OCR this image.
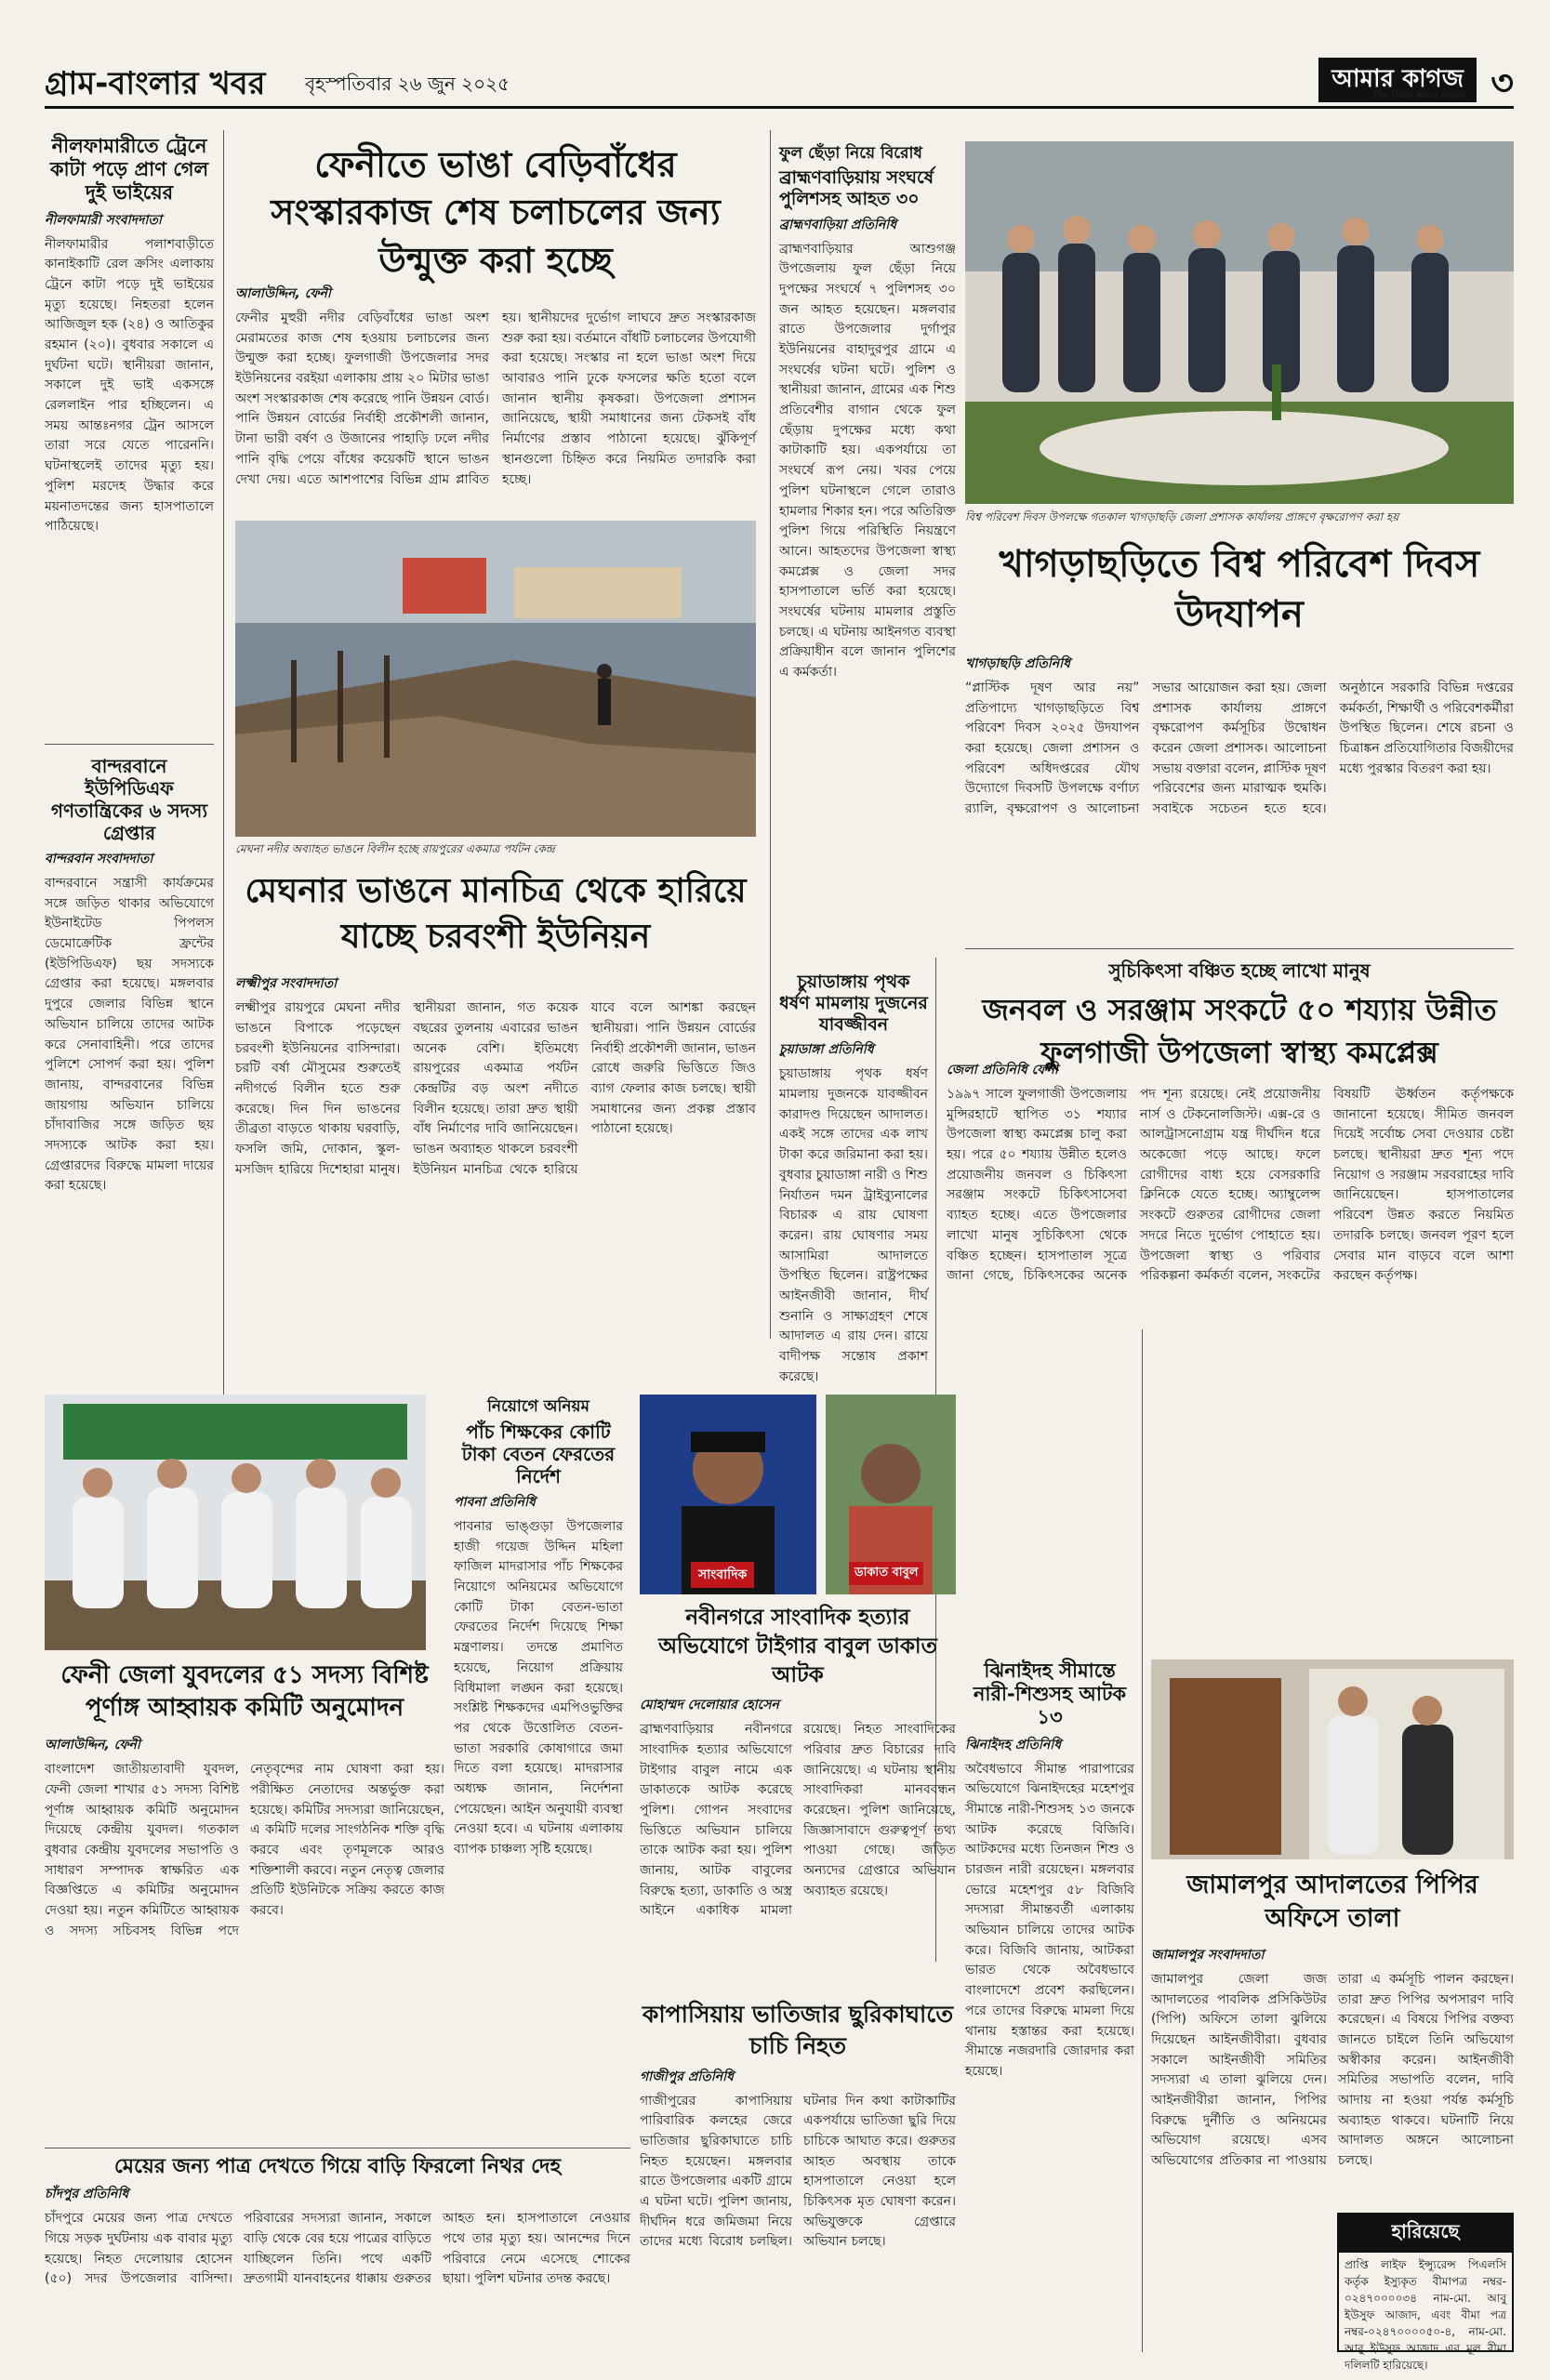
গ্রাম-বাংলার খবর বৃহস্পতিবার ২৬ জুন ২০২৫	আমার কাগজ
The Daily Amar Kagoj ৩
নীলফামারীতে ট্রেনে কাটা পড়ে প্রাণ গেল দুই ভাইয়ের
নীলফামারী সংবাদদাতা
নীলফামারীর পলাশবাড়ীতে কানাইকাটি রেল ক্রসিং এলাকায় ট্রেনে কাটা পড়ে দুই ভাইয়ের মৃত্যু হয়েছে। নিহতরা হলেন আজিজুল হক (২৪) ও আতিকুর রহমান (২০)। বুধবার সকালে এ দুর্ঘটনা ঘটে। স্থানীয়রা জানান, সকালে দুই ভাই একসঙ্গে রেললাইন পার হচ্ছিলেন। এ সময় আন্তঃনগর ট্রেন আসলে তারা সরে যেতে পারেননি। ঘটনাস্থলেই তাদের মৃত্যু হয়। পুলিশ মরদেহ উদ্ধার করে ময়নাতদন্তের জন্য হাসপাতালে পাঠিয়েছে।
বান্দরবানে ইউপিডিএফ গণতান্ত্রিকের ৬ সদস্য গ্রেপ্তার
বান্দরবান সংবাদদাতা
বান্দরবানে সন্ত্রাসী কার্যক্রমের সঙ্গে জড়িত থাকার অভিযোগে ইউনাইটেড পিপলস ডেমোক্রেটিক ফ্রন্টের (ইউপিডিএফ) ছয় সদস্যকে গ্রেপ্তার করা হয়েছে। মঙ্গলবার দুপুরে জেলার বিভিন্ন স্থানে অভিযান চালিয়ে তাদের আটক করে সেনাবাহিনী। পরে তাদের পুলিশে সোপর্দ করা হয়। পুলিশ জানায়, বান্দরবানের বিভিন্ন জায়গায় অভিযান চালিয়ে চাঁদাবাজির সঙ্গে জড়িত ছয় সদস্যকে আটক করা হয়। গ্রেপ্তারদের বিরুদ্ধে মামলা দায়ের করা হয়েছে।
ফেনীতে ভাঙা বেড়িবাঁধের সংস্কারকাজ শেষ চলাচলের জন্য উন্মুক্ত করা হচ্ছে
আলাউদ্দিন, ফেনী
ফেনীর মুহুরী নদীর বেড়িবাঁধের ভাঙা অংশ মেরামতের কাজ শেষ হওয়ায় চলাচলের জন্য উন্মুক্ত করা হচ্ছে। ফুলগাজী উপজেলার সদর ইউনিয়নের বরইয়া এলাকায় প্রায় ২০ মিটার ভাঙা অংশ সংস্কারকাজ শেষ করেছে পানি উন্নয়ন বোর্ড। পানি উন্নয়ন বোর্ডের নির্বাহী প্রকৌশলী জানান, টানা ভারী বর্ষণ ও উজানের পাহাড়ি ঢলে নদীর পানি বৃদ্ধি পেয়ে বাঁধের কয়েকটি স্থানে ভাঙন দেখা দেয়। এতে আশপাশের বিভিন্ন গ্রাম প্লাবিত হয়। স্থানীয়দের দুর্ভোগ লাঘবে দ্রুত সংস্কারকাজ শুরু করা হয়। বর্তমানে বাঁধটি চলাচলের উপযোগী করা হয়েছে। সংস্কার না হলে ভাঙা অংশ দিয়ে আবারও পানি ঢুকে ফসলের ক্ষতি হতো বলে জানান স্থানীয় কৃষকরা। উপজেলা প্রশাসন জানিয়েছে, স্থায়ী সমাধানের জন্য টেকসই বাঁধ নির্মাণের প্রস্তাব পাঠানো হয়েছে। ঝুঁকিপূর্ণ স্থানগুলো চিহ্নিত করে নিয়মিত তদারকি করা হচ্ছে।
মেঘনা নদীর অব্যাহত ভাঙনে বিলীন হচ্ছে রায়পুরের একমাত্র পর্যটন কেন্দ্র
মেঘনার ভাঙনে মানচিত্র থেকে হারিয়ে যাচ্ছে চরবংশী ইউনিয়ন
লক্ষ্মীপুর সংবাদদাতা
লক্ষ্মীপুর রায়পুরে মেঘনা নদীর ভাঙনে বিপাকে পড়েছেন চরবংশী ইউনিয়নের বাসিন্দারা। চরটি বর্ষা মৌসুমের শুরুতেই নদীগর্ভে বিলীন হতে শুরু করেছে। দিন দিন ভাঙনের তীব্রতা বাড়তে থাকায় ঘরবাড়ি, ফসলি জমি, দোকান, স্কুল-মসজিদ হারিয়ে দিশেহারা মানুষ। স্থানীয়রা জানান, গত কয়েক বছরের তুলনায় এবারের ভাঙন অনেক বেশি। ইতিমধ্যে রায়পুরের একমাত্র পর্যটন কেন্দ্রটির বড় অংশ নদীতে বিলীন হয়েছে। তারা দ্রুত স্থায়ী বাঁধ নির্মাণের দাবি জানিয়েছেন। ভাঙন অব্যাহত থাকলে চরবংশী ইউনিয়ন মানচিত্র থেকে হারিয়ে যাবে বলে আশঙ্কা করছেন স্থানীয়রা। পানি উন্নয়ন বোর্ডের নির্বাহী প্রকৌশলী জানান, ভাঙন রোধে জরুরি ভিত্তিতে জিও ব্যাগ ফেলার কাজ চলছে। স্থায়ী সমাধানের জন্য প্রকল্প প্রস্তাব পাঠানো হয়েছে।
ফুল ছেঁড়া নিয়ে বিরোধ
ব্রাহ্মণবাড়িয়ায় সংঘর্ষে পুলিশসহ আহত ৩০
ব্রাহ্মণবাড়িয়া প্রতিনিধি
ব্রাহ্মণবাড়িয়ার আশুগঞ্জ উপজেলায় ফুল ছেঁড়া নিয়ে দুপক্ষের সংঘর্ষে ৭ পুলিশসহ ৩০ জন আহত হয়েছেন। মঙ্গলবার রাতে উপজেলার দুর্গাপুর ইউনিয়নের বাহাদুরপুর গ্রামে এ সংঘর্ষের ঘটনা ঘটে। পুলিশ ও স্থানীয়রা জানান, গ্রামের এক শিশু প্রতিবেশীর বাগান থেকে ফুল ছেঁড়ায় দুপক্ষের মধ্যে কথা কাটাকাটি হয়। একপর্যায়ে তা সংঘর্ষে রূপ নেয়। খবর পেয়ে পুলিশ ঘটনাস্থলে গেলে তারাও হামলার শিকার হন। পরে অতিরিক্ত পুলিশ গিয়ে পরিস্থিতি নিয়ন্ত্রণে আনে। আহতদের উপজেলা স্বাস্থ্য কমপ্লেক্স ও জেলা সদর হাসপাতালে ভর্তি করা হয়েছে। সংঘর্ষের ঘটনায় মামলার প্রস্তুতি চলছে। এ ঘটনায় আইনগত ব্যবস্থা প্রক্রিয়াধীন বলে জানান পুলিশের এ কর্মকর্তা।
বিশ্ব পরিবেশ দিবস উপলক্ষে গতকাল খাগড়াছড়ি জেলা প্রশাসক কার্যালয় প্রাঙ্গণে বৃক্ষরোপণ করা হয়
খাগড়াছড়িতে বিশ্ব পরিবেশ দিবস উদযাপন
খাগড়াছড়ি প্রতিনিধি
“প্লাস্টিক দূষণ আর নয়” প্রতিপাদ্যে খাগড়াছড়িতে বিশ্ব পরিবেশ দিবস ২০২৫ উদযাপন করা হয়েছে। জেলা প্রশাসন ও পরিবেশ অধিদপ্তরের যৌথ উদ্যোগে দিবসটি উপলক্ষে বর্ণাঢ্য র‍্যালি, বৃক্ষরোপণ ও আলোচনা সভার আয়োজন করা হয়। জেলা প্রশাসক কার্যালয় প্রাঙ্গণে বৃক্ষরোপণ কর্মসূচির উদ্বোধন করেন জেলা প্রশাসক। আলোচনা সভায় বক্তারা বলেন, প্লাস্টিক দূষণ পরিবেশের জন্য মারাত্মক হুমকি। সবাইকে সচেতন হতে হবে। অনুষ্ঠানে সরকারি বিভিন্ন দপ্তরের কর্মকর্তা, শিক্ষার্থী ও পরিবেশকর্মীরা উপস্থিত ছিলেন। শেষে রচনা ও চিত্রাঙ্কন প্রতিযোগিতার বিজয়ীদের মধ্যে পুরস্কার বিতরণ করা হয়।
সুচিকিৎসা বঞ্চিত হচ্ছে লাখো মানুষ
জনবল ও সরঞ্জাম সংকটে ৫০ শয্যায় উন্নীত ফুলগাজী উপজেলা স্বাস্থ্য কমপ্লেক্স
জেলা প্রতিনিধি ফেনী
১৯৯৭ সালে ফুলগাজী উপজেলায় মুন্সিরহাটে স্থাপিত ৩১ শয্যার উপজেলা স্বাস্থ্য কমপ্লেক্স চালু করা হয়। পরে ৫০ শয্যায় উন্নীত হলেও প্রয়োজনীয় জনবল ও চিকিৎসা সরঞ্জাম সংকটে চিকিৎসাসেবা ব্যাহত হচ্ছে। এতে উপজেলার লাখো মানুষ সুচিকিৎসা থেকে বঞ্চিত হচ্ছেন। হাসপাতাল সূত্রে জানা গেছে, চিকিৎসকের অনেক পদ শূন্য রয়েছে। নেই প্রয়োজনীয় নার্স ও টেকনোলজিস্ট। এক্স-রে ও আলট্রাসনোগ্রাম যন্ত্র দীর্ঘদিন ধরে অকেজো পড়ে আছে। ফলে রোগীদের বাধ্য হয়ে বেসরকারি ক্লিনিকে যেতে হচ্ছে। অ্যাম্বুলেন্স সংকটে গুরুতর রোগীদের জেলা সদরে নিতে দুর্ভোগ পোহাতে হয়। উপজেলা স্বাস্থ্য ও পরিবার পরিকল্পনা কর্মকর্তা বলেন, সংকটের বিষয়টি ঊর্ধ্বতন কর্তৃপক্ষকে জানানো হয়েছে। সীমিত জনবল দিয়েই সর্বোচ্চ সেবা দেওয়ার চেষ্টা চলছে। স্থানীয়রা দ্রুত শূন্য পদে নিয়োগ ও সরঞ্জাম সরবরাহের দাবি জানিয়েছেন। হাসপাতালের পরিবেশ উন্নত করতে নিয়মিত তদারকি চলছে। জনবল পূরণ হলে সেবার মান বাড়বে বলে আশা করছেন কর্তৃপক্ষ।
চুয়াডাঙ্গায় পৃথক ধর্ষণ মামলায় দুজনের যাবজ্জীবন
চুয়াডাঙ্গা প্রতিনিধি
চুয়াডাঙ্গায় পৃথক ধর্ষণ মামলায় দুজনকে যাবজ্জীবন কারাদণ্ড দিয়েছেন আদালত। একই সঙ্গে তাদের এক লাখ টাকা করে জরিমানা করা হয়। বুধবার চুয়াডাঙ্গা নারী ও শিশু নির্যাতন দমন ট্রাইব্যুনালের বিচারক এ রায় ঘোষণা করেন। রায় ঘোষণার সময় আসামিরা আদালতে উপস্থিত ছিলেন। রাষ্ট্রপক্ষের আইনজীবী জানান, দীর্ঘ শুনানি ও সাক্ষ্যগ্রহণ শেষে আদালত এ রায় দেন। রায়ে বাদীপক্ষ সন্তোষ প্রকাশ করেছে।
ফেনী জেলা যুবদলের ৫১ সদস্য বিশিষ্ট পূর্ণাঙ্গ আহ্বায়ক কমিটি অনুমোদন
আলাউদ্দিন, ফেনী
বাংলাদেশ জাতীয়তাবাদী যুবদল, ফেনী জেলা শাখার ৫১ সদস্য বিশিষ্ট পূর্ণাঙ্গ আহ্বায়ক কমিটি অনুমোদন দিয়েছে কেন্দ্রীয় যুবদল। গতকাল বুধবার কেন্দ্রীয় যুবদলের সভাপতি ও সাধারণ সম্পাদক স্বাক্ষরিত এক বিজ্ঞপ্তিতে এ কমিটির অনুমোদন দেওয়া হয়। নতুন কমিটিতে আহ্বায়ক ও সদস্য সচিবসহ বিভিন্ন পদে নেতৃবৃন্দের নাম ঘোষণা করা হয়। পরীক্ষিত নেতাদের অন্তর্ভুক্ত করা হয়েছে। কমিটির সদস্যরা জানিয়েছেন, এ কমিটি দলের সাংগঠনিক শক্তি বৃদ্ধি করবে এবং তৃণমূলকে আরও শক্তিশালী করবে। নতুন নেতৃত্ব জেলার প্রতিটি ইউনিটকে সক্রিয় করতে কাজ করবে।
নিয়োগে অনিয়ম
পাঁচ শিক্ষকের কোটি টাকা বেতন ফেরতের নির্দেশ
পাবনা প্রতিনিধি
পাবনার ভাঙ্গুড়া উপজেলার হাজী গয়েজ উদ্দিন মহিলা ফাজিল মাদরাসার পাঁচ শিক্ষকের নিয়োগে অনিয়মের অভিযোগে কোটি টাকা বেতন-ভাতা ফেরতের নির্দেশ দিয়েছে শিক্ষা মন্ত্রণালয়। তদন্তে প্রমাণিত হয়েছে, নিয়োগ প্রক্রিয়ায় বিধিমালা লঙ্ঘন করা হয়েছে। সংশ্লিষ্ট শিক্ষকদের এমপিওভুক্তির পর থেকে উত্তোলিত বেতন-ভাতা সরকারি কোষাগারে জমা দিতে বলা হয়েছে। মাদরাসার অধ্যক্ষ জানান, নির্দেশনা পেয়েছেন। আইন অনুযায়ী ব্যবস্থা নেওয়া হবে। এ ঘটনায় এলাকায় ব্যাপক চাঞ্চল্য সৃষ্টি হয়েছে।
সাংবাদিক	ডাকাত বাবুল
নবীনগরে সাংবাদিক হত্যার অভিযোগে টাইগার বাবুল ডাকাত আটক
মোহাম্মদ দেলোয়ার হোসেন
ব্রাহ্মণবাড়িয়ার নবীনগরে সাংবাদিক হত্যার অভিযোগে টাইগার বাবুল নামে এক ডাকাতকে আটক করেছে পুলিশ। গোপন সংবাদের ভিত্তিতে অভিযান চালিয়ে তাকে আটক করা হয়। পুলিশ জানায়, আটক বাবুলের বিরুদ্ধে হত্যা, ডাকাতি ও অস্ত্র আইনে একাধিক মামলা রয়েছে। নিহত সাংবাদিকের পরিবার দ্রুত বিচারের দাবি জানিয়েছে। এ ঘটনায় স্থানীয় সাংবাদিকরা মানববন্ধন করেছেন। পুলিশ জানিয়েছে, জিজ্ঞাসাবাদে গুরুত্বপূর্ণ তথ্য পাওয়া গেছে। জড়িত অন্যদের গ্রেপ্তারে অভিযান অব্যাহত রয়েছে।
কাপাসিয়ায় ভাতিজার ছুরিকাঘাতে চাচি নিহত
গাজীপুর প্রতিনিধি
গাজীপুরের কাপাসিয়ায় পারিবারিক কলহের জেরে ভাতিজার ছুরিকাঘাতে চাচি নিহত হয়েছেন। মঙ্গলবার রাতে উপজেলার একটি গ্রামে এ ঘটনা ঘটে। পুলিশ জানায়, দীর্ঘদিন ধরে জমিজমা নিয়ে তাদের মধ্যে বিরোধ চলছিল। ঘটনার দিন কথা কাটাকাটির একপর্যায়ে ভাতিজা ছুরি দিয়ে চাচিকে আঘাত করে। গুরুতর আহত অবস্থায় তাকে হাসপাতালে নেওয়া হলে চিকিৎসক মৃত ঘোষণা করেন। অভিযুক্তকে গ্রেপ্তারে অভিযান চলছে।
ঝিনাইদহ সীমান্তে নারী-শিশুসহ আটক ১৩
ঝিনাইদহ প্রতিনিধি
অবৈধভাবে সীমান্ত পারাপারের অভিযোগে ঝিনাইদহের মহেশপুর সীমান্তে নারী-শিশুসহ ১৩ জনকে আটক করেছে বিজিবি। আটকদের মধ্যে তিনজন শিশু ও চারজন নারী রয়েছেন। মঙ্গলবার ভোরে মহেশপুর ৫৮ বিজিবি সদস্যরা সীমান্তবর্তী এলাকায় অভিযান চালিয়ে তাদের আটক করে। বিজিবি জানায়, আটকরা ভারত থেকে অবৈধভাবে বাংলাদেশে প্রবেশ করছিলেন। পরে তাদের বিরুদ্ধে মামলা দিয়ে থানায় হস্তান্তর করা হয়েছে। সীমান্তে নজরদারি জোরদার করা হয়েছে।
জামালপুর আদালতের পিপির অফিসে তালা
জামালপুর সংবাদদাতা
জামালপুর জেলা জজ আদালতের পাবলিক প্রসিকিউটর (পিপি) অফিসে তালা ঝুলিয়ে দিয়েছেন আইনজীবীরা। বুধবার সকালে আইনজীবী সমিতির সদস্যরা এ তালা ঝুলিয়ে দেন। আইনজীবীরা জানান, পিপির বিরুদ্ধে দুর্নীতি ও অনিয়মের অভিযোগ রয়েছে। এসব অভিযোগের প্রতিকার না পাওয়ায় তারা এ কর্মসূচি পালন করছেন। তারা দ্রুত পিপির অপসারণ দাবি করেছেন। এ বিষয়ে পিপির বক্তব্য জানতে চাইলে তিনি অভিযোগ অস্বীকার করেন। আইনজীবী সমিতির সভাপতি বলেন, দাবি আদায় না হওয়া পর্যন্ত কর্মসূচি অব্যাহত থাকবে। ঘটনাটি নিয়ে আদালত অঙ্গনে আলোচনা চলছে।
মেয়ের জন্য পাত্র দেখতে গিয়ে বাড়ি ফিরলো নিথর দেহ
চাঁদপুর প্রতিনিধি
চাঁদপুরে মেয়ের জন্য পাত্র দেখতে গিয়ে সড়ক দুর্ঘটনায় এক বাবার মৃত্যু হয়েছে। নিহত দেলোয়ার হোসেন (৫০) সদর উপজেলার বাসিন্দা। পরিবারের সদস্যরা জানান, সকালে বাড়ি থেকে বের হয়ে পাত্রের বাড়িতে যাচ্ছিলেন তিনি। পথে একটি দ্রুতগামী যানবাহনের ধাক্কায় গুরুতর আহত হন। হাসপাতালে নেওয়ার পথে তার মৃত্যু হয়। আনন্দের দিনে পরিবারে নেমে এসেছে শোকের ছায়া। পুলিশ ঘটনার তদন্ত করছে।
হারিয়েছে
প্রাপ্তি লাইফ ইন্স্যুরেন্স পিএলসি কর্তৃক ইস্যুকৃত বীমাপত্র নম্বর- ০২৪৭০০০০৩৪ নাম-মো. আবু ইউসুফ আজাদ, এবং বীমা পত্র নম্বর-০২৪৭০০০০৫০-৪, নাম-মো. আবু ইউসুফ আজাদ এর মূল বীমা দলিলটি হারিয়েছে।
